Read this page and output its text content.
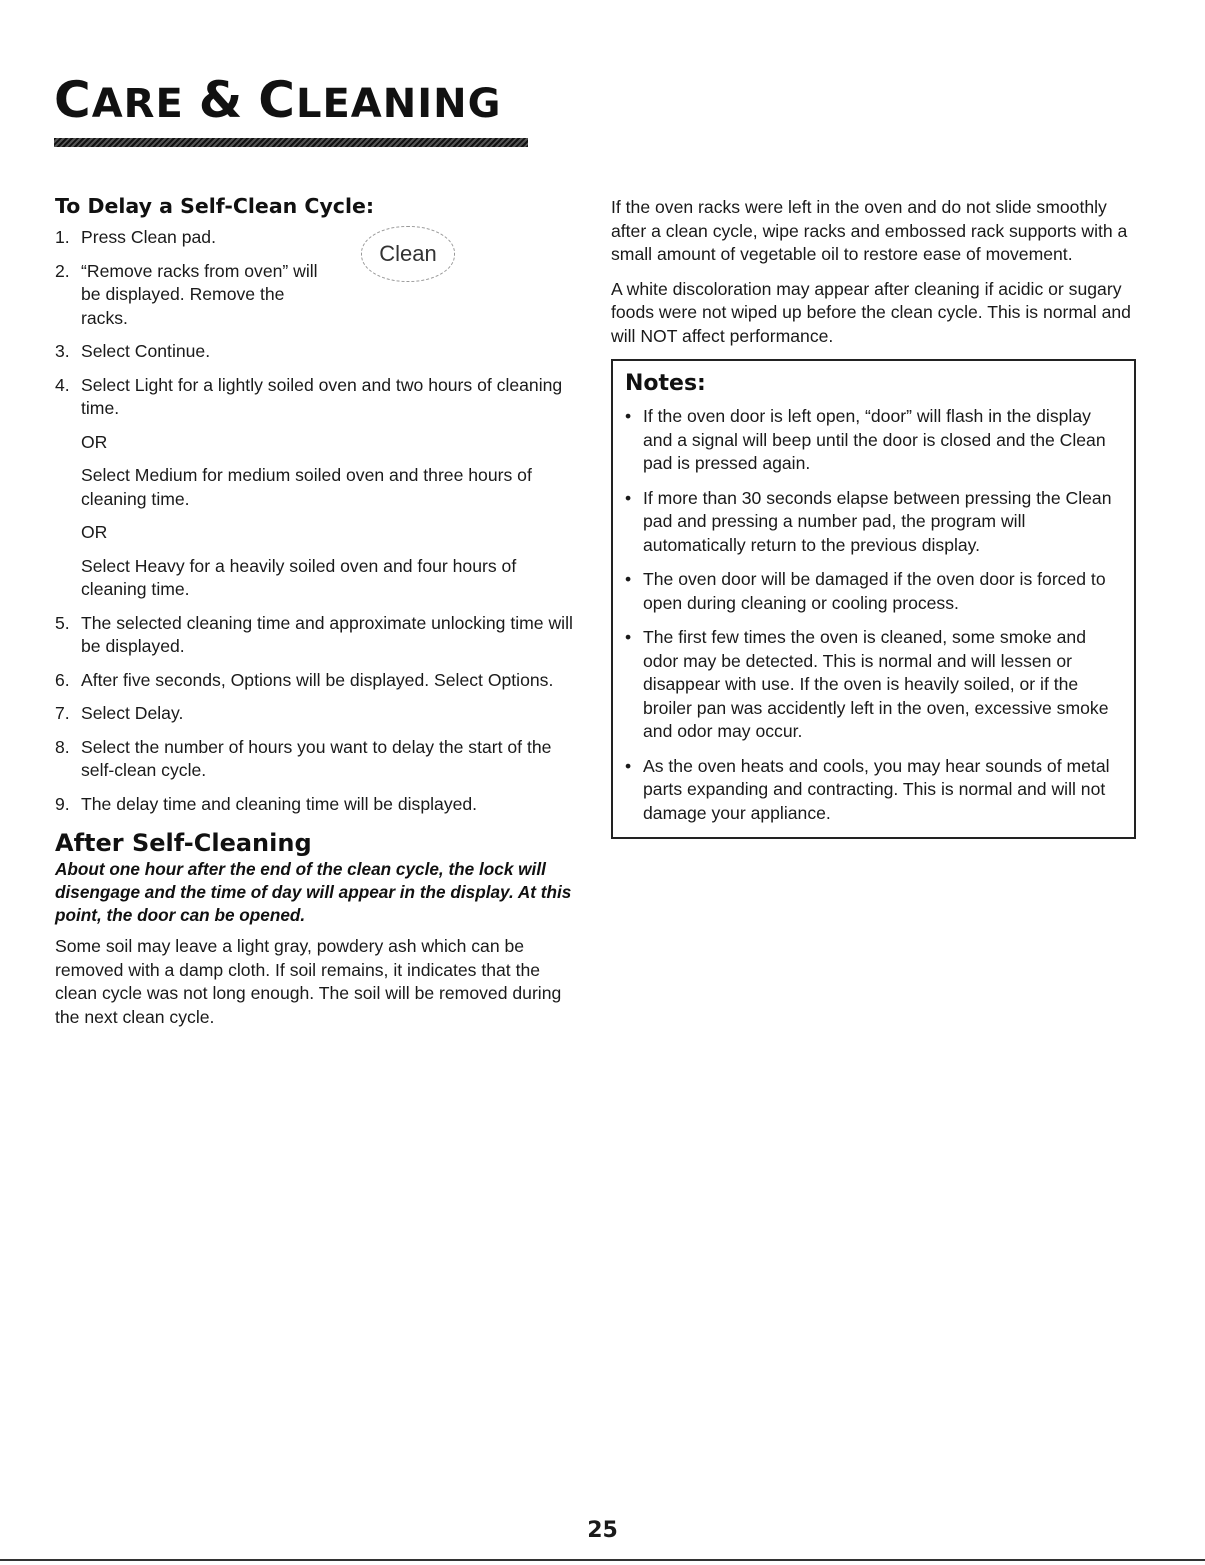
CARE & CLEANING
To Delay a Self-Clean Cycle:
Clean
1. Press Clean pad.

2. “Remove racks from oven” will be displayed. Remove the racks.

3. Select Continue.

4. Select Light for a lightly soiled oven and two hours of cleaning time.

OR

Select Medium for medium soiled oven and three hours of cleaning time.

OR

Select Heavy for a heavily soiled oven and four hours of cleaning time.

5. The selected cleaning time and approximate unlocking time will be displayed.

6. After five seconds, Options will be displayed. Select Options.

7. Select Delay.

8. Select the number of hours you want to delay the start of the self-clean cycle.

9. The delay time and cleaning time will be displayed.

After Self-Cleaning

About one hour after the end of the clean cycle, the lock will disengage and the time of day will appear in the display. At this point, the door can be opened.

Some soil may leave a light gray, powdery ash which can be removed with a damp cloth. If soil remains, it indicates that the clean cycle was not long enough. The soil will be removed during the next clean cycle.

If the oven racks were left in the oven and do not slide smoothly after a clean cycle, wipe racks and embossed rack supports with a small amount of vegetable oil to restore ease of movement.

A white discoloration may appear after cleaning if acidic or sugary foods were not wiped up before the clean cycle. This is normal and will NOT affect performance.

Notes:
• If the oven door is left open, “door” will flash in the display and a signal will beep until the door is closed and the Clean pad is pressed again.
• If more than 30 seconds elapse between pressing the Clean pad and pressing a number pad, the program will automatically return to the previous display.
• The oven door will be damaged if the oven door is forced to open during cleaning or cooling process.
• The first few times the oven is cleaned, some smoke and odor may be detected. This is normal and will lessen or disappear with use. If the oven is heavily soiled, or if the broiler pan was accidently left in the oven, excessive smoke and odor may occur.
• As the oven heats and cools, you may hear sounds of metal parts expanding and contracting. This is normal and will not damage your appliance.
25
